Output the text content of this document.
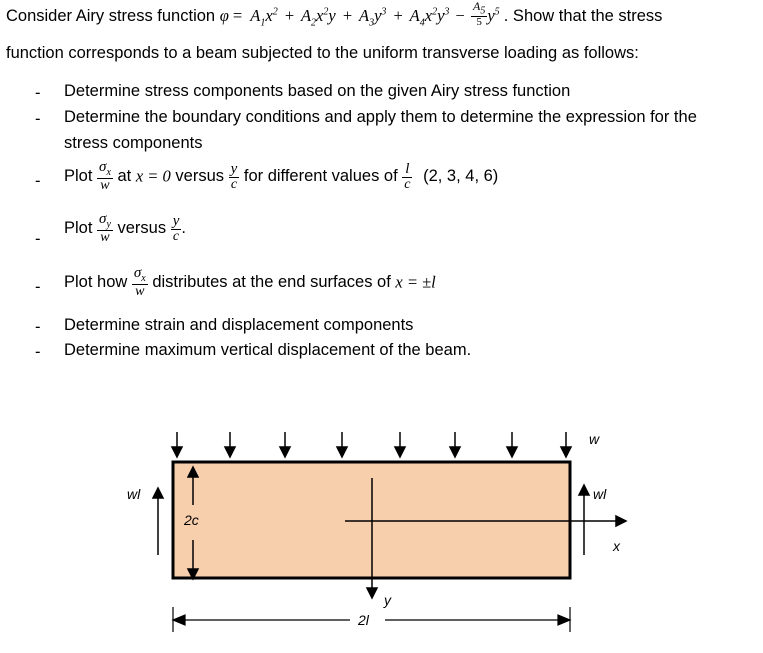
Consider Airy stress function $\varphi = A_1x^2 + A_2x^2y + A_3y^3 + A_4x^2y^3 - \frac{A_5}{5} y^5$ . Show that the stress
function corresponds to a beam subjected to the uniform transverse loading as follows:
- Determine stress components based on the given Airy stress function
- Determine the boundary conditions and apply them to determine the expression for the
stress components
- Plot $\frac{\sigma_x}{w}$ at x = 0 versus $\frac{y}{c}$ for different values of $\frac{l}{c} (2$, 3, 4, 6)
-
Plot $\frac{\sigma_y}{w}$ versus $\frac{y}{c}$ .
- Plot how $\frac{\sigma_x}{w}$ distributes at the end surfaces of x = ±l
- Determine strain and displacement components
- Determine maximum vertical displacement of the beam.
w
wl	wl
2c
x
y
2l
